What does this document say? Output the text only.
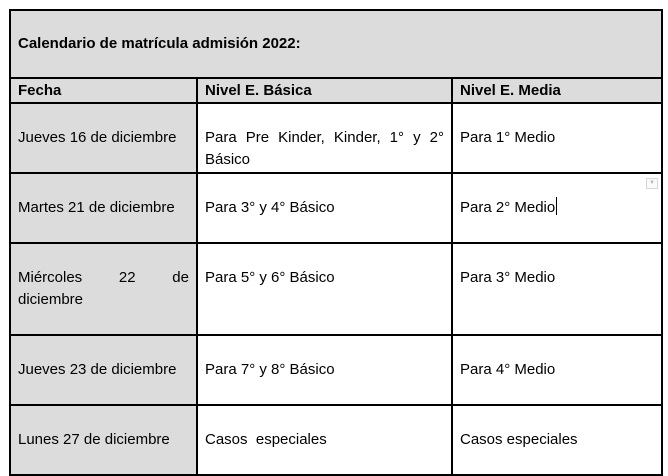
Calendario de matrícula admisión 2022:		
Fecha	Nivel E. Básica	Nivel E. Media
Jueves 16 de diciembre	Para Pre Kinder, Kinder, 1° y 2° Básico	Para 1° Medio
Martes 21 de diciembre	Para 3° y 4° Básico	Para 2° Medio
▼

Miércoles 22 de diciembre	Para 5° y 6° Básico	Para 3° Medio
Jueves 23 de diciembre	Para 7° y 8° Básico	Para 4° Medio
Lunes 27 de diciembre	Casos  especiales	Casos especiales
